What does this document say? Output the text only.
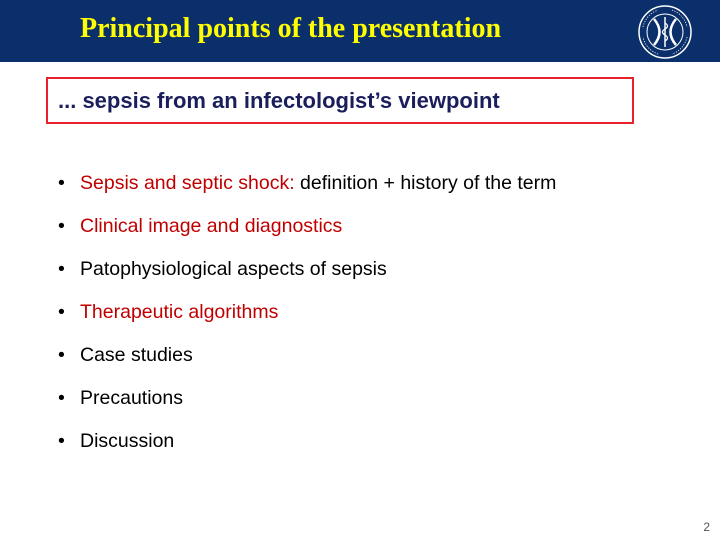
Principal points of the presentation
... sepsis from an infectologist’s viewpoint
• Sepsis and septic shock: definition + history of the term
• Clinical image and diagnostics
• Patophysiological aspects of sepsis
• Therapeutic algorithms
• Case studies
• Precautions
• Discussion
2
